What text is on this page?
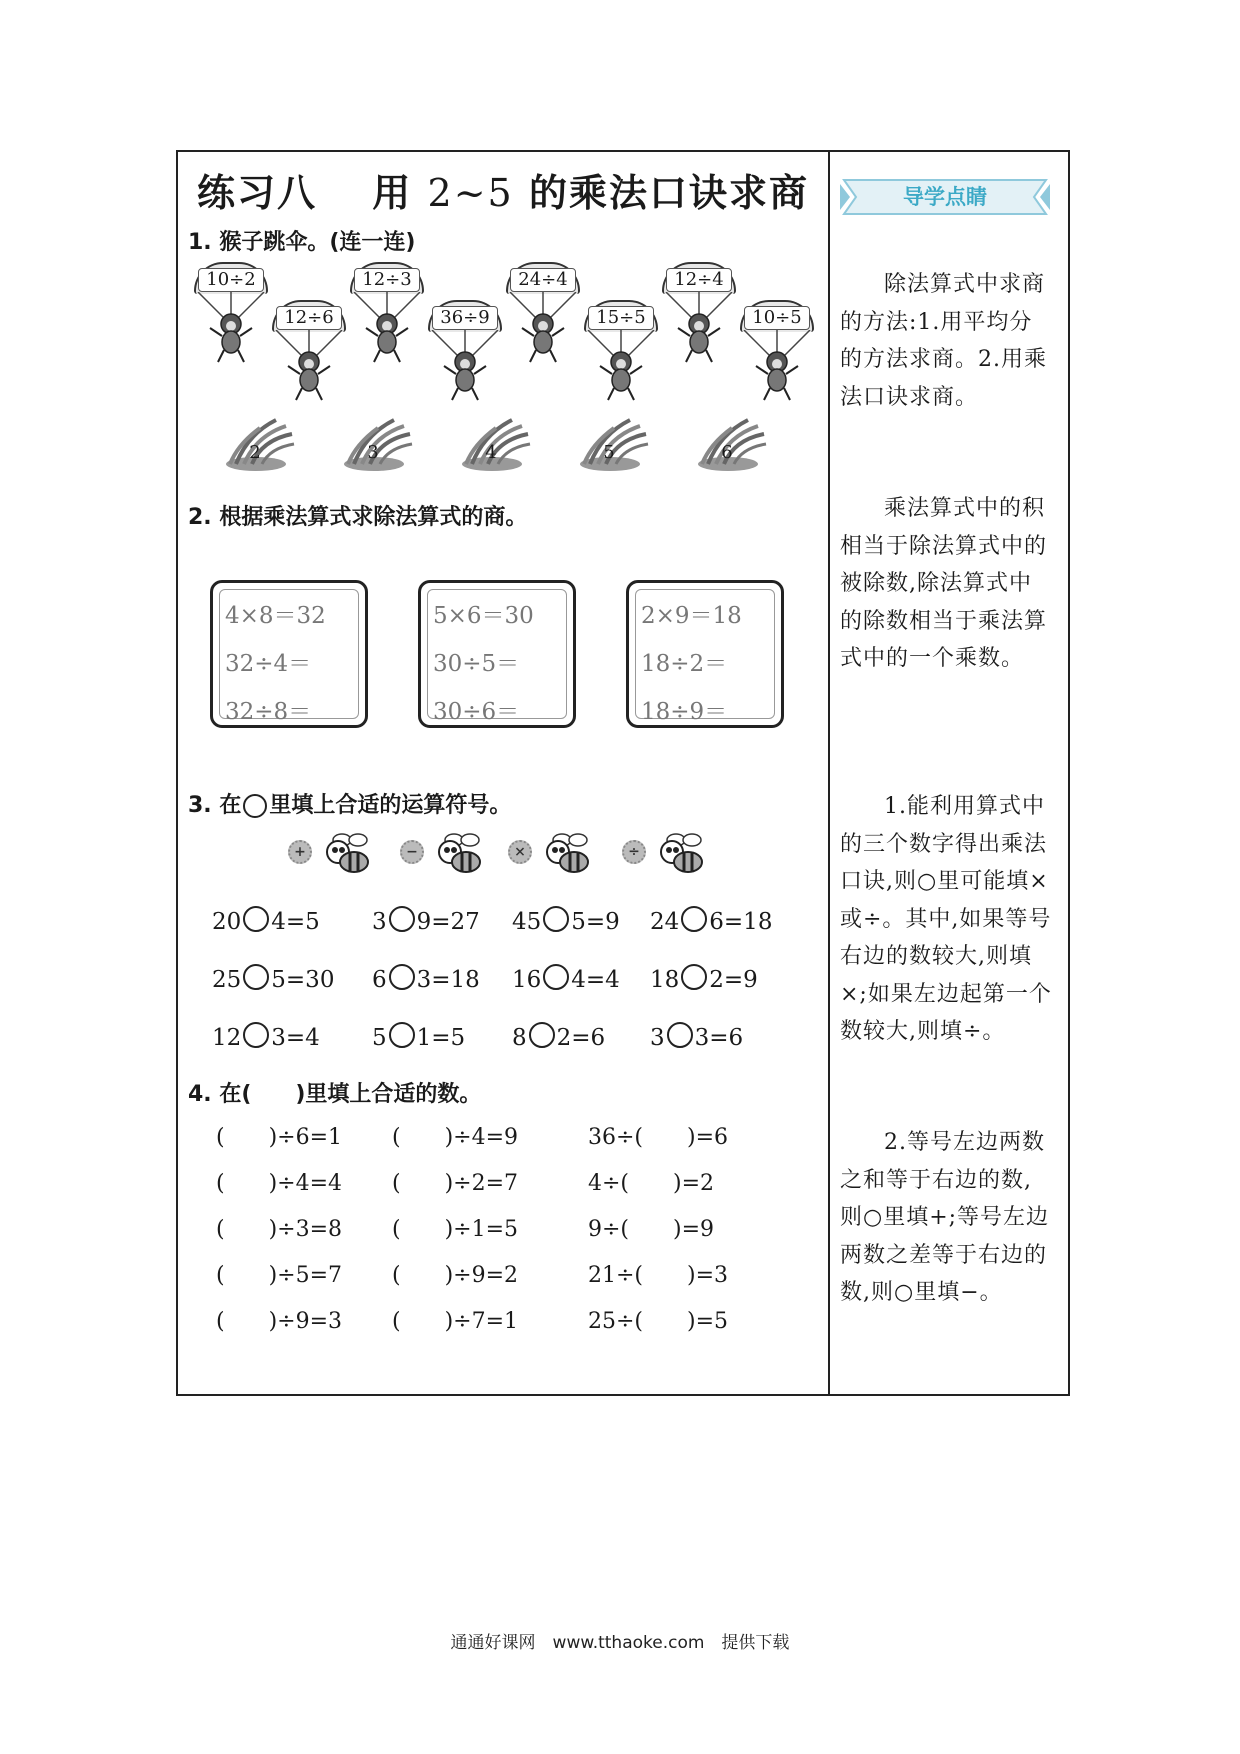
练习八　 用 2~5 的乘法口诀求商
1. 猴子跳伞。(连一连)
10÷2
12÷6
12÷3
36÷9
24÷4
15÷5
12÷4
10÷5
2	3	4	5	6
2. 根据乘法算式求除法算式的商。
4×8＝32
32÷4＝
32÷8＝
5×6＝30
30÷5＝
30÷6＝
2×9＝18
18÷2＝
18÷9＝
3. 在 里填上合适的运算符号。
+	−	×	÷
20 4=5 3 9=27 45 5=9 24 6=18
25 5=30 6 3=18 16 4=4 18 2=9
12 3=4 5 1=5 8 2=6 3 3=6
4. 在(　　)里填上合适的数。
(　　)÷6=1 (　　)÷4=9	36÷(　　)=6
(　　)÷4=4 (　　)÷2=7	4÷(　　)=2
(　　)÷3=8 (　　)÷1=5	9÷(　　)=9
(　　)÷5=7 (　　)÷9=2	21÷(　　)=3
(　　)÷9=3 (　　)÷7=1	25÷(　　)=5
导学点睛
除法算式中求商的方法:1.用平均分的方法求商。2.用乘法口诀求商。
乘法算式中的积相当于除法算式中的被除数,除法算式中的除数相当于乘法算式中的一个乘数。
1.能利用算式中的三个数字得出乘法口诀,则○里可能填×或÷。其中,如果等号右边的数较大,则填×;如果左边起第一个数较大,则填÷。
2.等号左边两数之和等于右边的数,则○里填+;等号左边两数之差等于右边的数,则○里填−。
通通好课网　www.tthaoke.com　提供下载
